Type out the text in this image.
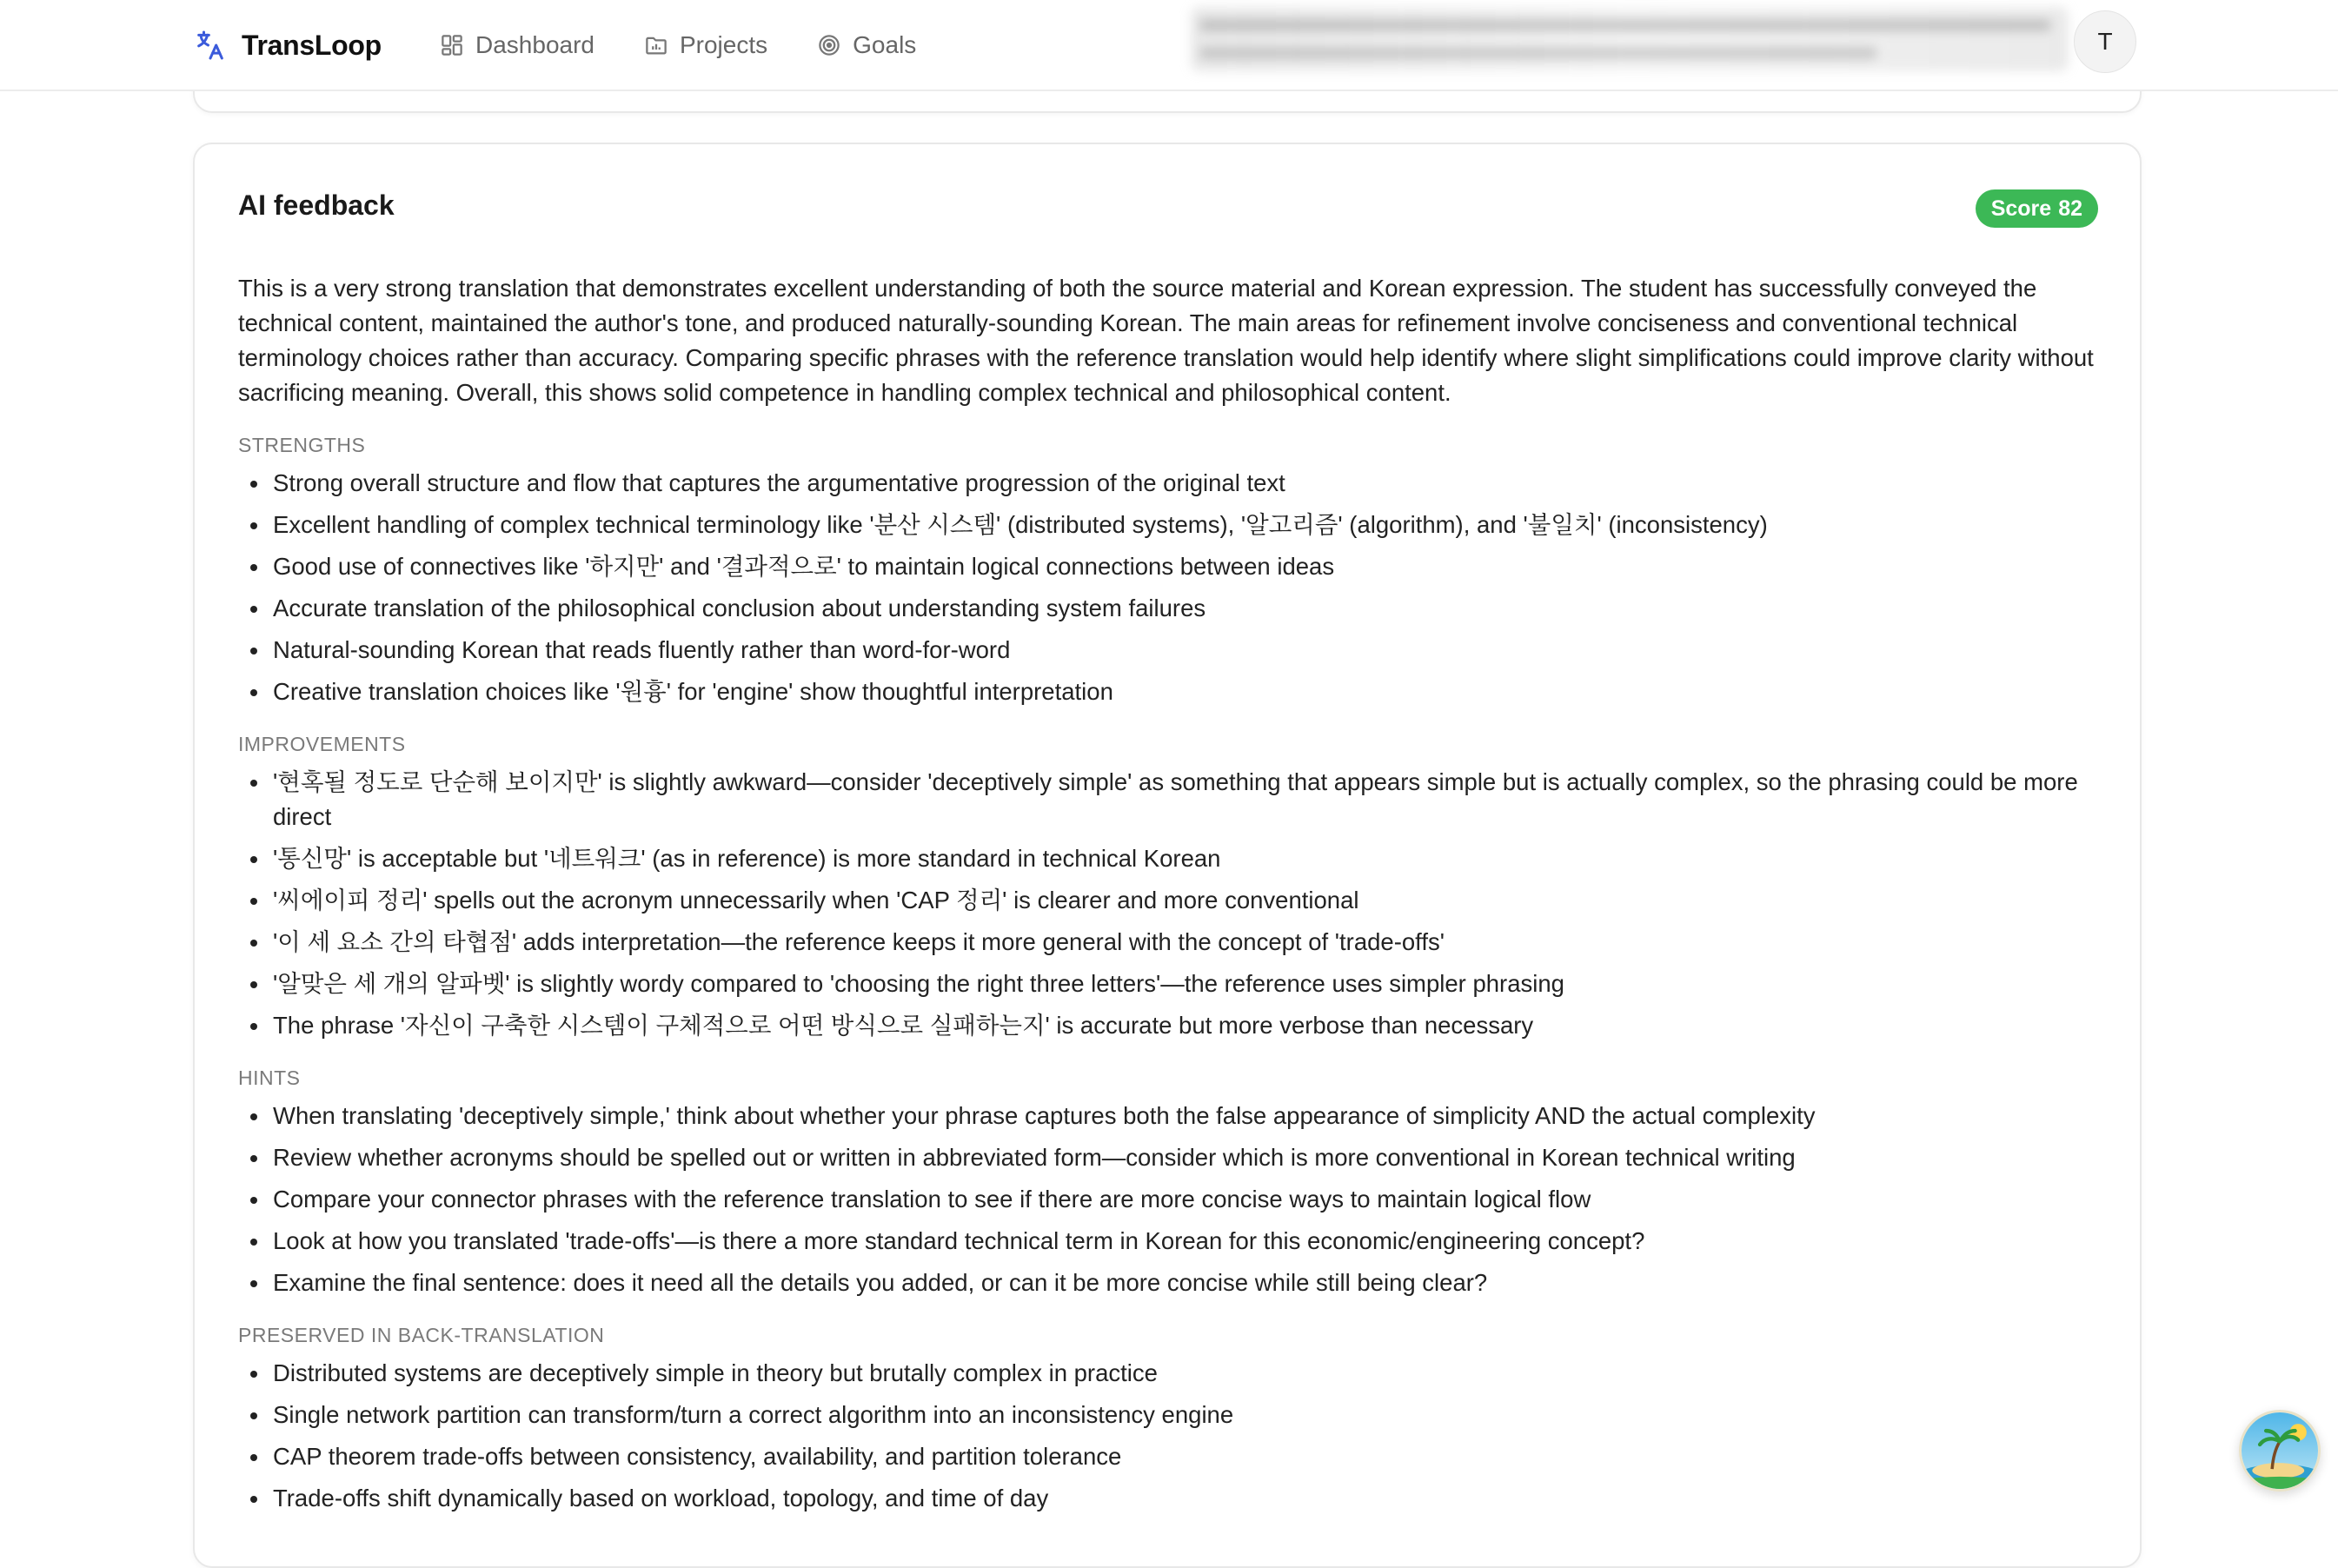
TransLoop	Dashboard	Projects	Goals	T
AI feedback	Score 82

This is a very strong translation that demonstrates excellent understanding of both the source material and Korean expression. The student has successfully conveyed the technical content, maintained the author's tone, and produced naturally-sounding Korean. The main areas for refinement involve conciseness and conventional technical terminology choices rather than accuracy. Comparing specific phrases with the reference translation would help identify where slight simplifications could improve clarity without sacrificing meaning. Overall, this shows solid competence in handling complex technical and philosophical content.

STRENGTHS
Strong overall structure and flow that captures the argumentative progression of the original text
Excellent handling of complex technical terminology like '분산 시스템' (distributed systems), '알고리즘' (algorithm), and '불일치' (inconsistency)
Good use of connectives like '하지만' and '결과적으로' to maintain logical connections between ideas
Accurate translation of the philosophical conclusion about understanding system failures
Natural-sounding Korean that reads fluently rather than word-for-word
Creative translation choices like '원흉' for 'engine' show thoughtful interpretation
IMPROVEMENTS
'현혹될 정도로 단순해 보이지만' is slightly awkward—consider 'deceptively simple' as something that appears simple but is actually complex, so the phrasing could be more direct
'통신망' is acceptable but '네트워크' (as in reference) is more standard in technical Korean
'씨에이피 정리' spells out the acronym unnecessarily when 'CAP 정리' is clearer and more conventional
'이 세 요소 간의 타협점' adds interpretation—the reference keeps it more general with the concept of 'trade-offs'
'알맞은 세 개의 알파벳' is slightly wordy compared to 'choosing the right three letters'—the reference uses simpler phrasing
The phrase '자신이 구축한 시스템이 구체적으로 어떤 방식으로 실패하는지' is accurate but more verbose than necessary
HINTS
When translating 'deceptively simple,' think about whether your phrase captures both the false appearance of simplicity AND the actual complexity
Review whether acronyms should be spelled out or written in abbreviated form—consider which is more conventional in Korean technical writing
Compare your connector phrases with the reference translation to see if there are more concise ways to maintain logical flow
Look at how you translated 'trade-offs'—is there a more standard technical term in Korean for this economic/engineering concept?
Examine the final sentence: does it need all the details you added, or can it be more concise while still being clear?
PRESERVED IN BACK-TRANSLATION
Distributed systems are deceptively simple in theory but brutally complex in practice
Single network partition can transform/turn a correct algorithm into an inconsistency engine
CAP theorem trade-offs between consistency, availability, and partition tolerance
Trade-offs shift dynamically based on workload, topology, and time of day
